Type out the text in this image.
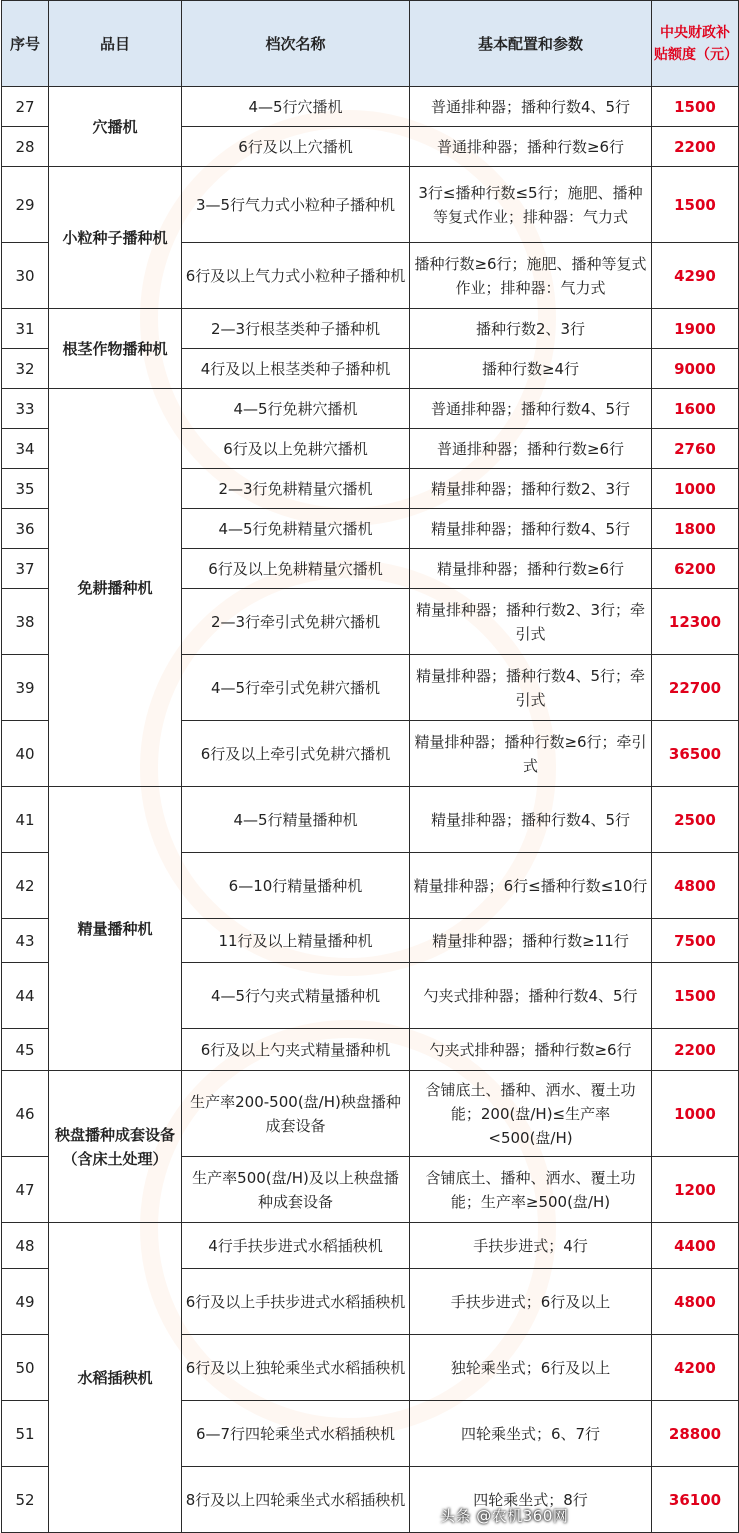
序号	品目	档次名称	基本配置和参数	中央财政补贴额度（元）
27	穴播机	4—5行穴播机	普通排种器；播种行数4、5行	1500
28		6行及以上穴播机	普通排种器；播种行数≥6行	2200
29	小粒种子播种机	3—5行气力式小粒种子播种机	3行≤播种行数≤5行；施肥、播种等复式作业；排种器：气力式	1500
30		6行及以上气力式小粒种子播种机	播种行数≥6行；施肥、播种等复式作业；排种器：气力式	4290
31	根茎作物播种机	2—3行根茎类种子播种机	播种行数2、3行	1900
32		4行及以上根茎类种子播种机	播种行数≥4行	9000
33	免耕播种机	4—5行免耕穴播机	普通排种器；播种行数4、5行	1600
34		6行及以上免耕穴播机	普通排种器；播种行数≥6行	2760
35		2—3行免耕精量穴播机	精量排种器；播种行数2、3行	1000
36		4—5行免耕精量穴播机	精量排种器；播种行数4、5行	1800
37		6行及以上免耕精量穴播机	精量排种器；播种行数≥6行	6200
38		2—3行牵引式免耕穴播机	精量排种器；播种行数2、3行；牵引式	12300
39		4—5行牵引式免耕穴播机	精量排种器；播种行数4、5行；牵引式	22700
40		6行及以上牵引式免耕穴播机	精量排种器；播种行数≥6行；牵引式	36500
41	精量播种机	4—5行精量播种机	精量排种器；播种行数4、5行	2500
42		6—10行精量播种机	精量排种器；6行≤播种行数≤10行	4800
43		11行及以上精量播种机	精量排种器；播种行数≥11行	7500
44		4—5行勺夹式精量播种机	勺夹式排种器；播种行数4、5行	1500
45		6行及以上勺夹式精量播种机	勺夹式排种器；播种行数≥6行	2200
46	秧盘播种成套设备（含床土处理）	生产率200-500(盘/H)秧盘播种成套设备	含铺底土、播种、洒水、覆土功能；200(盘/H)≤生产率<500(盘/H)	1000
47		生产率500(盘/H)及以上秧盘播种成套设备	含铺底土、播种、洒水、覆土功能；生产率≥500(盘/H)	1200
48	水稻插秧机	4行手扶步进式水稻插秧机	手扶步进式；4行	4400
49		6行及以上手扶步进式水稻插秧机	手扶步进式；6行及以上	4800
50		6行及以上独轮乘坐式水稻插秧机	独轮乘坐式；6行及以上	4200
51		6—7行四轮乘坐式水稻插秧机	四轮乘坐式；6、7行	28800
52		8行及以上四轮乘坐式水稻插秧机	四轮乘坐式；8行	36100
头条 @农机360网
